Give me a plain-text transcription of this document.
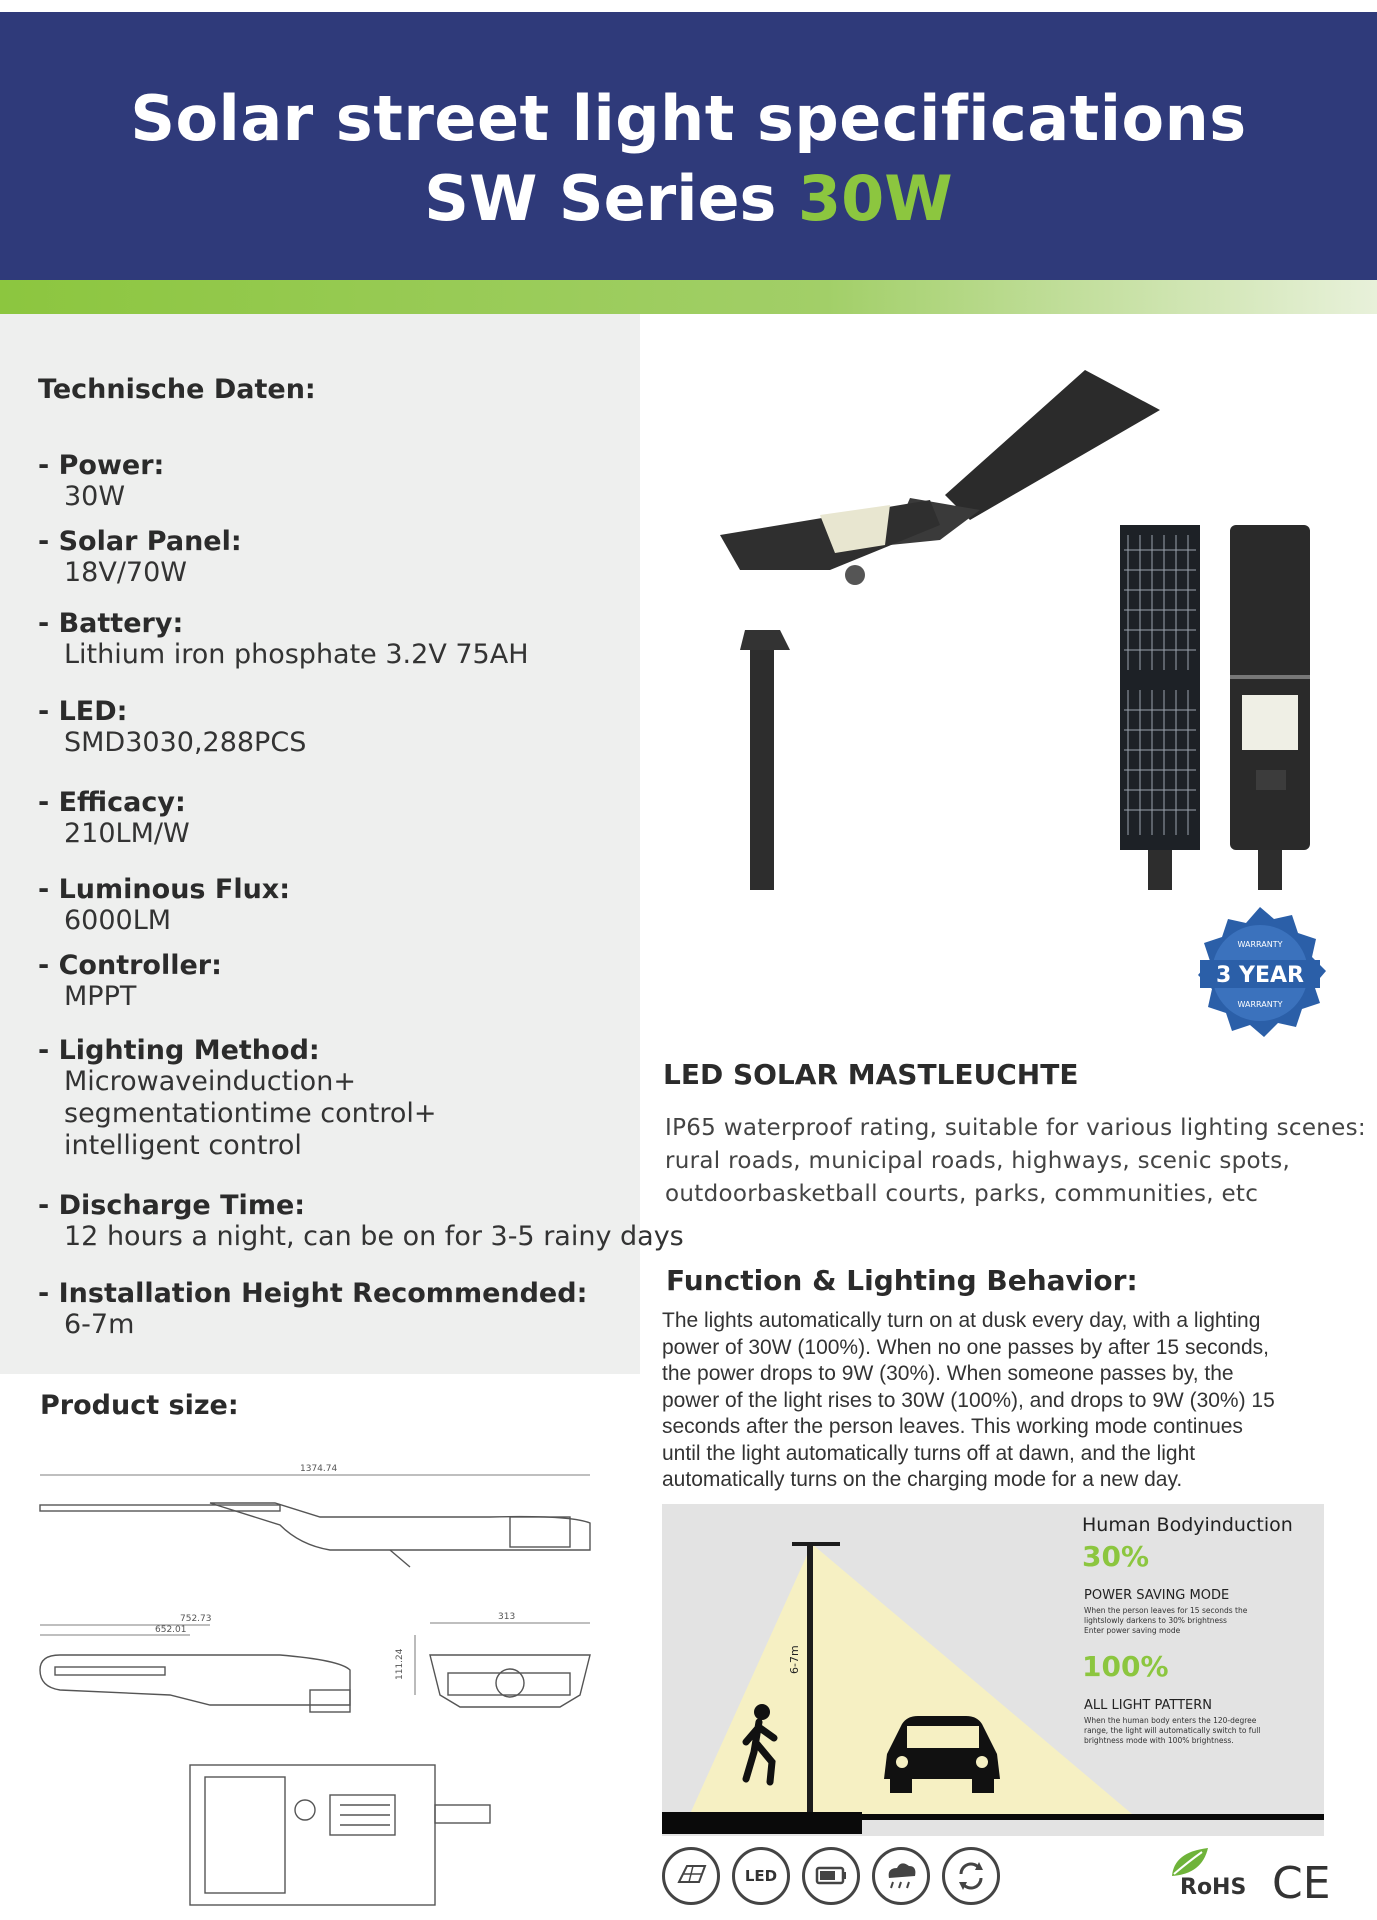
Solar street light specifications
SW Series 30W
Technische Daten:
- Power:
30W
- Solar Panel:
18V/70W
- Battery:
Lithium iron phosphate 3.2V 75AH
- LED:
SMD3030,288PCS
- Efficacy:
210LM/W
- Luminous Flux:
6000LM
- Controller:
MPPT
- Lighting Method:
Microwaveinduction+
segmentationtime control+
intelligent control
- Discharge Time:
12 hours a night, can be on for 3-5 rainy days
- Installation Height Recommended:
6-7m
Product size:
1374.74
752.73
652.01
313
111.24
WARRANTY
3 YEAR
WARRANTY
LED SOLAR MASTLEUCHTE
IP65 waterproof rating, suitable for various lighting scenes:
rural roads, municipal roads, highways, scenic spots,
outdoorbasketball courts, parks, communities, etc
Function & Lighting Behavior:
The lights automatically turn on at dusk every day, with a lighting
power of 30W (100%). When no one passes by after 15 seconds,
the power drops to 9W (30%). When someone passes by, the
power of the light rises to 30W (100%), and drops to 9W (30%) 15
seconds after the person leaves. This working mode continues
until the light automatically turns off at dawn, and the light
automatically turns on the charging mode for a new day.
6-7m
Human Bodyinduction
30%
POWER SAVING MODE
When the person leaves for 15 seconds the
lightslowly darkens to 30% brightness
Enter power saving mode
100%
ALL LIGHT PATTERN
When the human body enters the 120-degree
range, the light will automatically switch to full
brightness mode with 100% brightness.
LED	RoHS CE
